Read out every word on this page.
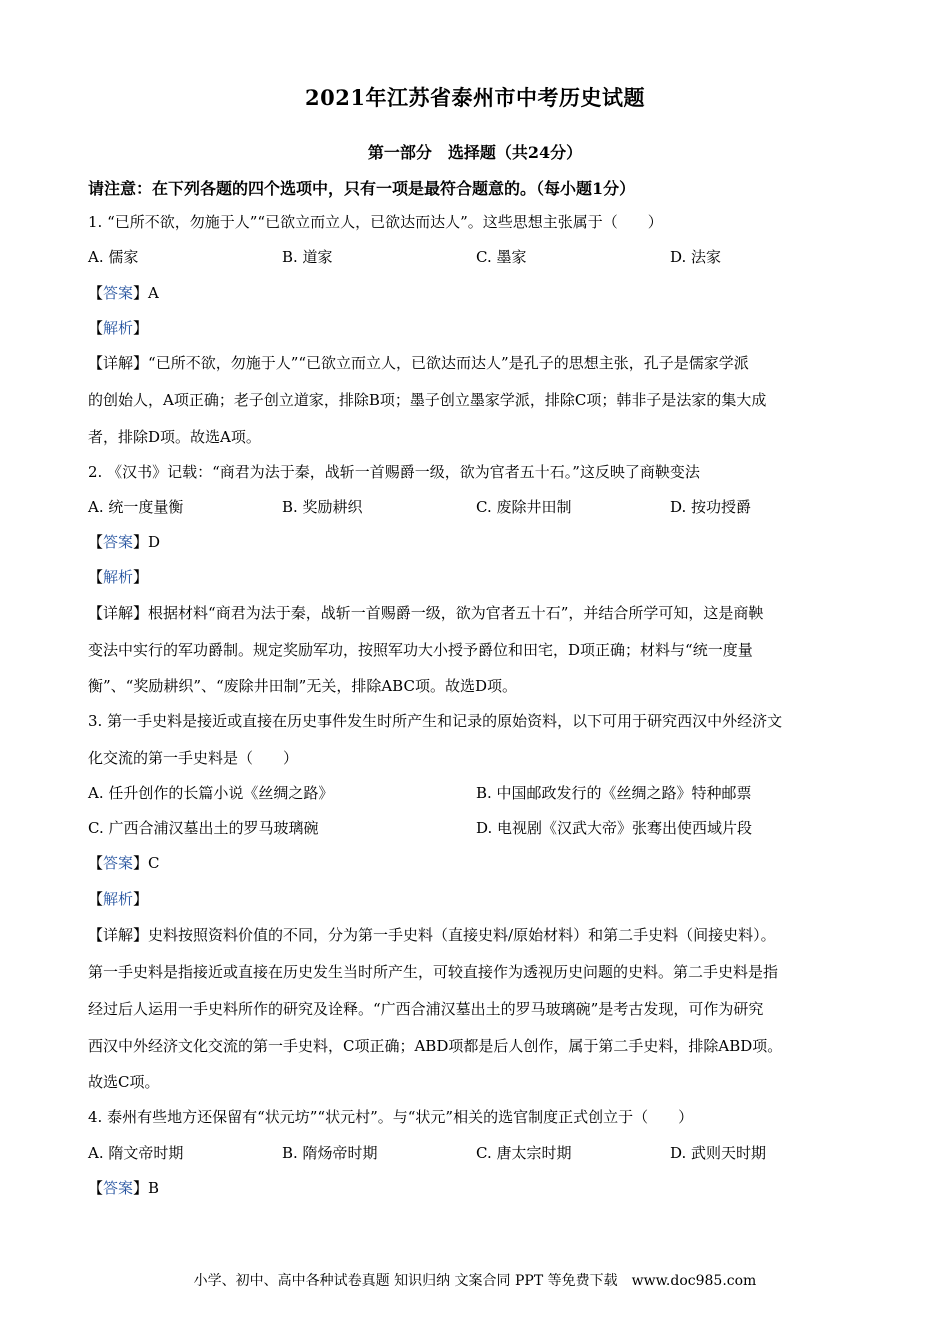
2021年江苏省泰州市中考历史试题
第一部分　选择题（共24分）
请注意：在下列各题的四个选项中，只有一项是最符合题意的。（每小题1分）
1. “已所不欲，勿施于人”“已欲立而立人，已欲达而达人”。这些思想主张属于（　　）
A. 儒家	B. 道家	C. 墨家	D. 法家
【答案】A
【解析】
【详解】“已所不欲，勿施于人”“已欲立而立人，已欲达而达人”是孔子的思想主张，孔子是儒家学派
的创始人，A项正确；老子创立道家，排除B项；墨子创立墨家学派，排除C项；韩非子是法家的集大成
者，排除D项。故选A项。
2. 《汉书》记载：“商君为法于秦，战斩一首赐爵一级，欲为官者五十石。”这反映了商鞅变法
A. 统一度量衡	B. 奖励耕织	C. 废除井田制	D. 按功授爵
【答案】D
【解析】
【详解】根据材料“商君为法于秦，战斩一首赐爵一级，欲为官者五十石”，并结合所学可知，这是商鞅
变法中实行的军功爵制。规定奖励军功，按照军功大小授予爵位和田宅，D项正确；材料与“统一度量
衡”、“奖励耕织”、“废除井田制”无关，排除ABC项。故选D项。
3. 第一手史料是接近或直接在历史事件发生时所产生和记录的原始资料，以下可用于研究西汉中外经济文
化交流的第一手史料是（　　）
A. 任升创作的长篇小说《丝绸之路》	B. 中国邮政发行的《丝绸之路》特种邮票
C. 广西合浦汉墓出土的罗马玻璃碗	D. 电视剧《汉武大帝》张骞出使西域片段
【答案】C
【解析】
【详解】史料按照资料价值的不同，分为第一手史料（直接史料/原始材料）和第二手史料（间接史料）。
第一手史料是指接近或直接在历史发生当时所产生，可较直接作为透视历史问题的史料。第二手史料是指
经过后人运用一手史料所作的研究及诠释。“广西合浦汉墓出土的罗马玻璃碗”是考古发现，可作为研究
西汉中外经济文化交流的第一手史料，C项正确；ABD项都是后人创作，属于第二手史料，排除ABD项。
故选C项。
4. 泰州有些地方还保留有“状元坊”“状元村”。与“状元”相关的选官制度正式创立于（　　）
A. 隋文帝时期	B. 隋炀帝时期	C. 唐太宗时期	D. 武则天时期
【答案】B
小学、初中、高中各种试卷真题 知识归纳 文案合同 PPT 等免费下载　www.doc985.com
